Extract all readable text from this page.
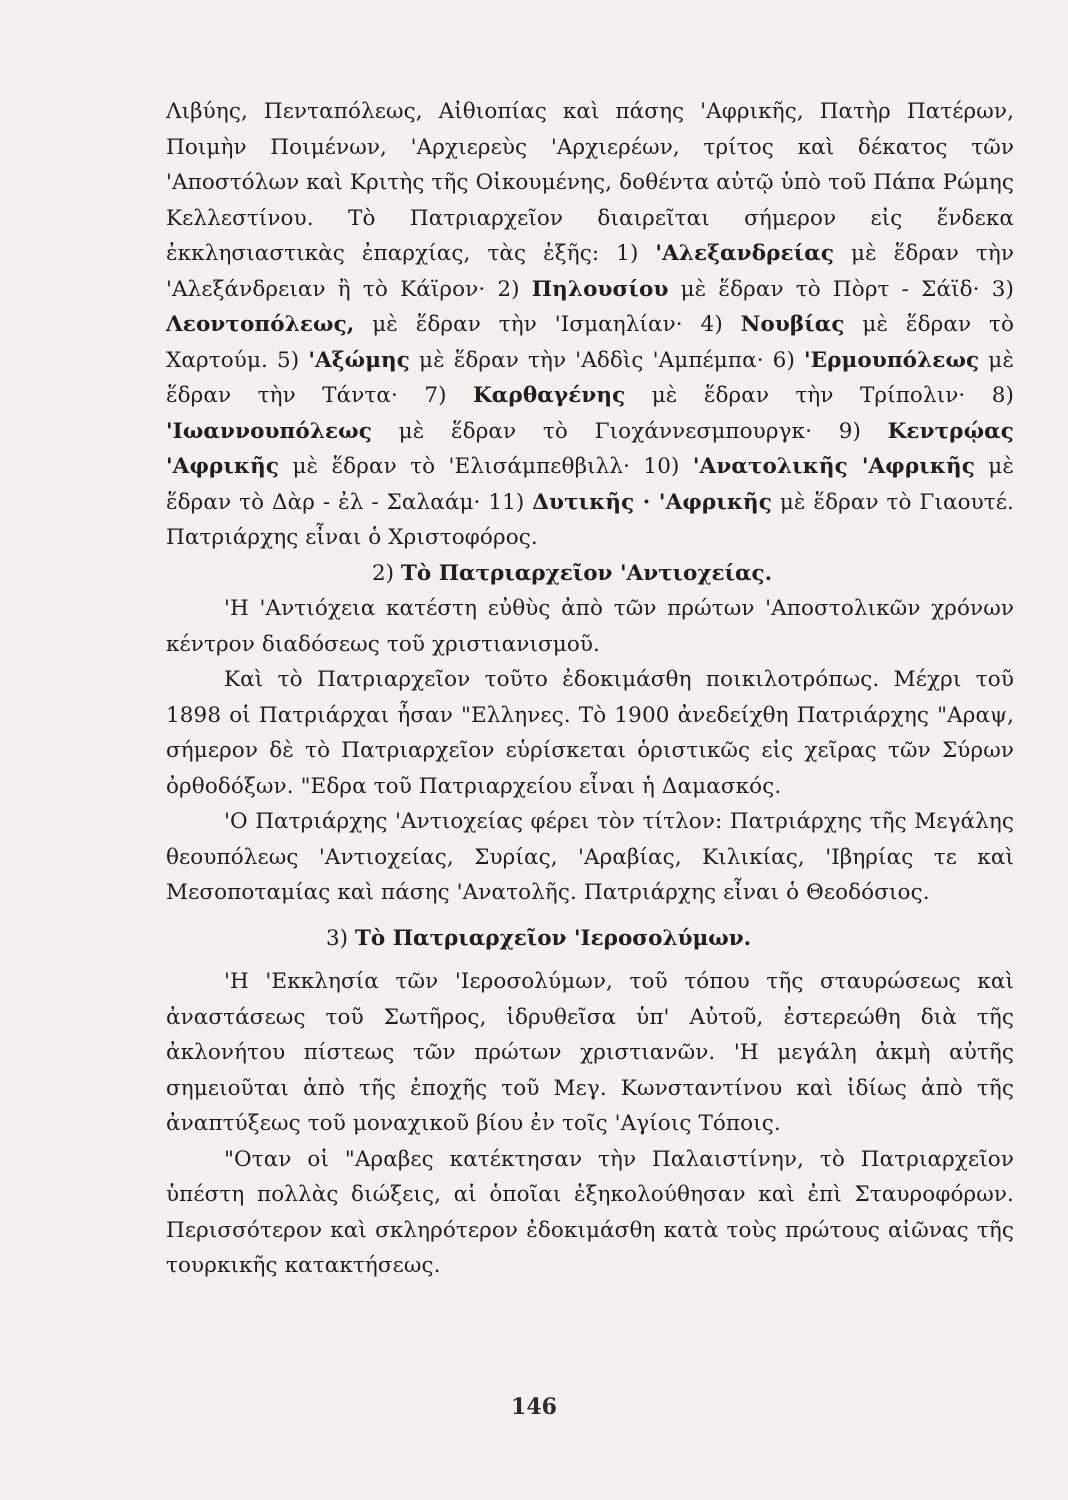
Λιβύης, Πενταπόλεως, Αἰθιοπίας καὶ πάσης 'Αφρικῆς, Πατὴρ Πατέρων, Ποιμὴν Ποιμένων, 'Αρχιερεὺς 'Αρχιερέων, τρίτος καὶ δέκατος τῶν 'Αποστόλων καὶ Κριτὴς τῆς Οἰκουμένης, δοθέντα αὐτῷ ὑπὸ τοῦ Πάπα Ρώμης Κελλεστίνου. Τὸ Πατριαρχεῖον διαιρεῖται σήμερον εἰς ἕνδεκα ἐκκλησιαστικὰς ἐπαρχίας, τὰς ἑξῆς: 1) 'Αλεξανδρείας μὲ ἕδραν τὴν 'Αλεξάνδρειαν ἢ τὸ Κάϊρον· 2) Πηλουσίου μὲ ἕδραν τὸ Πὸρτ - Σάϊδ· 3) Λεοντοπόλεως, μὲ ἕδραν τὴν 'Ισμαηλίαν· 4) Νουβίας μὲ ἕδραν τὸ Χαρτούμ. 5) 'Αξώμης μὲ ἕδραν τὴν 'Αδδὶς 'Αμπέμπα· 6) 'Ερμουπόλεως μὲ ἕδραν τὴν Τάντα· 7) Καρθαγένης μὲ ἕδραν τὴν Τρίπολιν· 8) 'Ιωαννουπόλεως μὲ ἕδραν τὸ Γιοχάννεσμπουργκ· 9) Κεντρῴας 'Αφρικῆς μὲ ἕδραν τὸ 'Ελισάμπεθβιλλ· 10) 'Ανατολικῆς 'Αφρικῆς μὲ ἕδραν τὸ Δὰρ - ἐλ - Σαλαάμ· 11) Δυτικῆς · 'Αφρικῆς μὲ ἕδραν τὸ Γιαουτέ. Πατριάρχης εἶναι ὁ Χριστοφόρος.

2) Τὸ Πατριαρχεῖον 'Αντιοχείας.

'Η 'Αντιόχεια κατέστη εὐθὺς ἀπὸ τῶν πρώτων 'Αποστολικῶν χρόνων κέντρον διαδόσεως τοῦ χριστιανισμοῦ.

Καὶ τὸ Πατριαρχεῖον τοῦτο ἐδοκιμάσθη ποικιλοτρόπως. Μέχρι τοῦ 1898 οἱ Πατριάρχαι ἦσαν "Ελληνες. Τὸ 1900 ἀνεδείχθη Πατριάρχης "Αραψ, σήμερον δὲ τὸ Πατριαρχεῖον εὑρίσκεται ὁριστικῶς εἰς χεῖρας τῶν Σύρων ὀρθοδόξων. "Εδρα τοῦ Πατριαρχείου εἶναι ἡ Δαμασκός.

'Ο Πατριάρχης 'Αντιοχείας φέρει τὸν τίτλον: Πατριάρχης τῆς Μεγάλης θεουπόλεως 'Αντιοχείας, Συρίας, 'Αραβίας, Κιλικίας, 'Ιβηρίας τε καὶ Μεσοποταμίας καὶ πάσης 'Ανατολῆς. Πατριάρχης εἶναι ὁ Θεοδόσιος.

3) Τὸ Πατριαρχεῖον 'Ιεροσολύμων.

'Η 'Εκκλησία τῶν 'Ιεροσολύμων, τοῦ τόπου τῆς σταυρώσεως καὶ ἀναστάσεως τοῦ Σωτῆρος, ἱδρυθεῖσα ὑπ' Αὐτοῦ, ἐστερεώθη διὰ τῆς ἀκλονήτου πίστεως τῶν πρώτων χριστιανῶν. 'Η μεγάλη ἀκμὴ αὐτῆς σημειοῦται ἀπὸ τῆς ἐποχῆς τοῦ Μεγ. Κωνσταντίνου καὶ ἰδίως ἀπὸ τῆς ἀναπτύξεως τοῦ μοναχικοῦ βίου ἐν τοῖς 'Αγίοις Τόποις.

"Οταν οἱ "Αραβες κατέκτησαν τὴν Παλαιστίνην, τὸ Πατριαρχεῖον ὑπέστη πολλὰς διώξεις, αἱ ὁποῖαι ἐξηκολούθησαν καὶ ἐπὶ Σταυροφόρων. Περισσότερον καὶ σκληρότερον ἐδοκιμάσθη κατὰ τοὺς πρώτους αἰῶνας τῆς τουρκικῆς κατακτήσεως.

146
